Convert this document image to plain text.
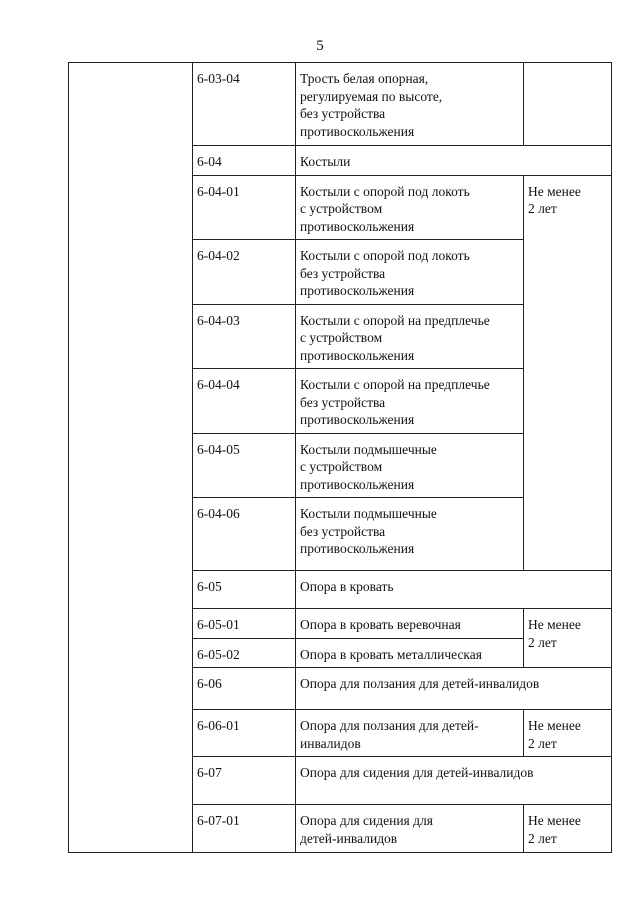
5
	6-03-04	Трость белая опорная,
регулируемая по высоте,
без устройства
противоскольжения	

	6-04	Костыли	

	6-04-01	Костыли с опорой под локоть
с устройством
противоскольжения	Не менее
2 лет

	6-04-02	Костыли с опорой под локоть
без устройства
противоскольжения	

	6-04-03	Костыли с опорой на предплечье
с устройством
противоскольжения	

	6-04-04	Костыли с опорой на предплечье
без устройства
противоскольжения	

	6-04-05	Костыли подмышечные
с устройством
противоскольжения	

	6-04-06	Костыли подмышечные
без устройства
противоскольжения	

	6-05	Опора в кровать	

	6-05-01	Опора в кровать веревочная	Не менее
2 лет

	6-05-02	Опора в кровать металлическая	

	6-06	Опора для ползания для детей-инвалидов	

	6-06-01	Опора для ползания для детей-
инвалидов	Не менее
2 лет

	6-07	Опора для сидения для детей-инвалидов	

	6-07-01	Опора для сидения для
детей-инвалидов	Не менее
2 лет
